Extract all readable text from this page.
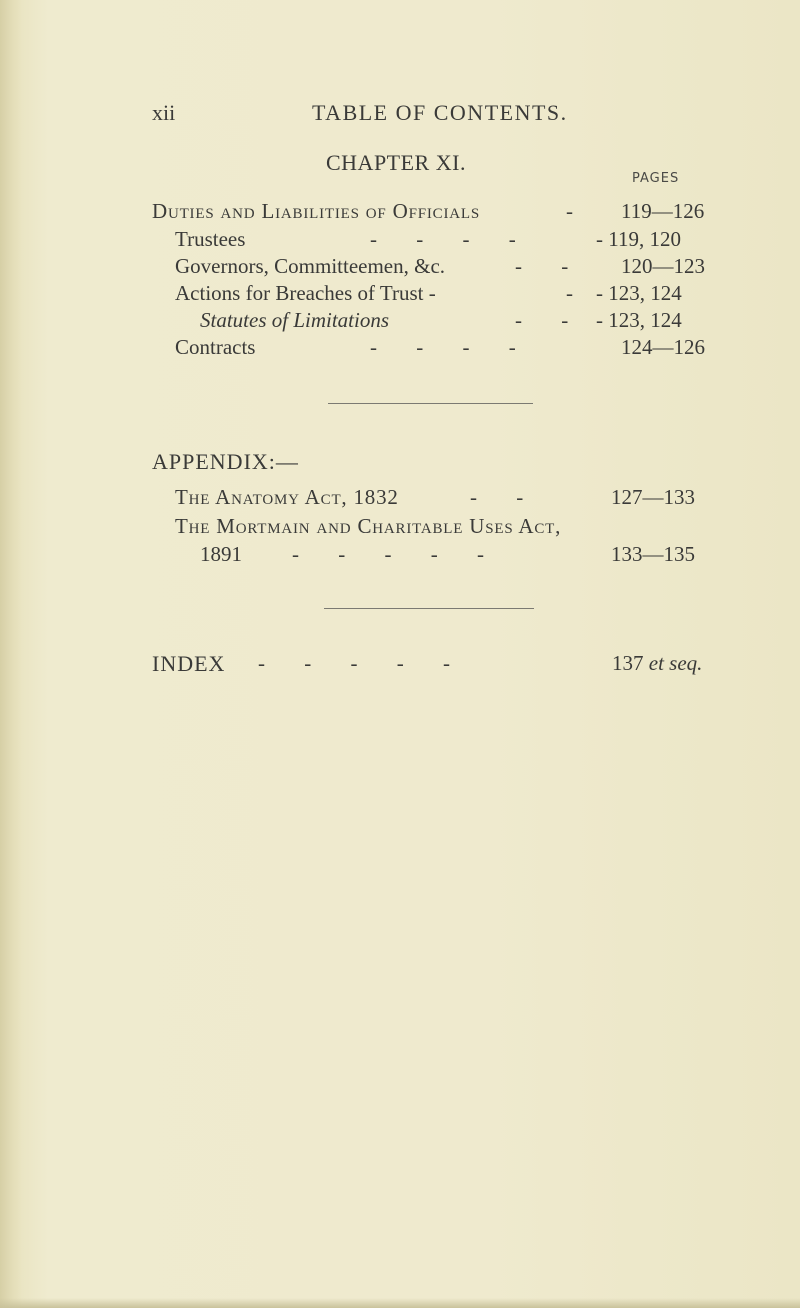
xii	TABLE OF CONTENTS.
CHAPTER XI.
PAGES
Duties and Liabilities of Officials	- 119—126
Trustees	- - - -	- 119, 120
Governors, Committeemen, &c.	- -	120—123
Actions for Breaches of Trust -	- - 123, 124
Statutes of Limitations	- - - 123, 124
Contracts	- - - -	124—126
APPENDIX:—
The Anatomy Act, 1832	- -	127—133
The Mortmain and Charitable Uses Act,
1891 - - - - -	133—135
INDEX - - - - -	137 et seq.
